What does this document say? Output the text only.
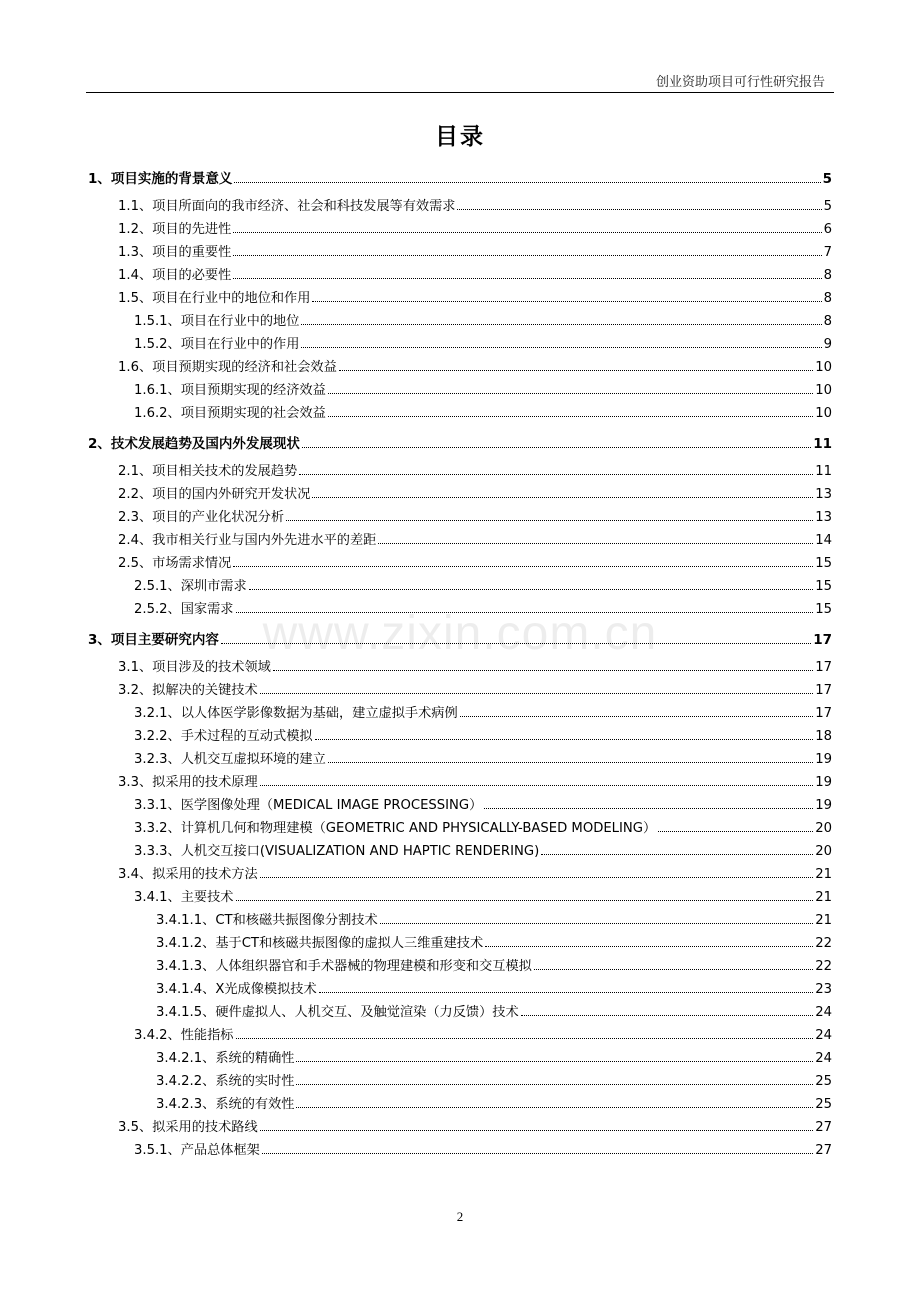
创业资助项目可行性研究报告
目录
1、项目实施的背景意义	5
1.1、项目所面向的我市经济、社会和科技发展等有效需求	5
1.2、项目的先进性	6
1.3、项目的重要性	7
1.4、项目的必要性	8
1.5、项目在行业中的地位和作用	8
1.5.1、项目在行业中的地位	8
1.5.2、项目在行业中的作用	9
1.6、项目预期实现的经济和社会效益	10
1.6.1、项目预期实现的经济效益	10
1.6.2、项目预期实现的社会效益	10
2、技术发展趋势及国内外发展现状	11
2.1、项目相关技术的发展趋势	11
2.2、项目的国内外研究开发状况	13
2.3、项目的产业化状况分析	13
2.4、我市相关行业与国内外先进水平的差距	14
2.5、市场需求情况	15
2.5.1、深圳市需求	15
2.5.2、国家需求	15
3、项目主要研究内容	17
3.1、项目涉及的技术领域	17
3.2、拟解决的关键技术	17
3.2.1、以人体医学影像数据为基础，建立虚拟手术病例	17
3.2.2、手术过程的互动式模拟	18
3.2.3、人机交互虚拟环境的建立	19
3.3、拟采用的技术原理	19
3.3.1、医学图像处理（MEDICAL IMAGE PROCESSING）	19
3.3.2、计算机几何和物理建模（GEOMETRIC AND PHYSICALLY-BASED MODELING）	20
3.3.3、人机交互接口(VISUALIZATION AND HAPTIC RENDERING)	20
3.4、拟采用的技术方法	21
3.4.1、主要技术	21
3.4.1.1、CT和核磁共振图像分割技术	21
3.4.1.2、基于CT和核磁共振图像的虚拟人三维重建技术	22
3.4.1.3、人体组织器官和手术器械的物理建模和形变和交互模拟	22
3.4.1.4、X光成像模拟技术	23
3.4.1.5、硬件虚拟人、人机交互、及触觉渲染（力反馈）技术	24
3.4.2、性能指标	24
3.4.2.1、系统的精确性	24
3.4.2.2、系统的实时性	25
3.4.2.3、系统的有效性	25
3.5、拟采用的技术路线	27
3.5.1、产品总体框架	27
www.zixin.com.cn
2
